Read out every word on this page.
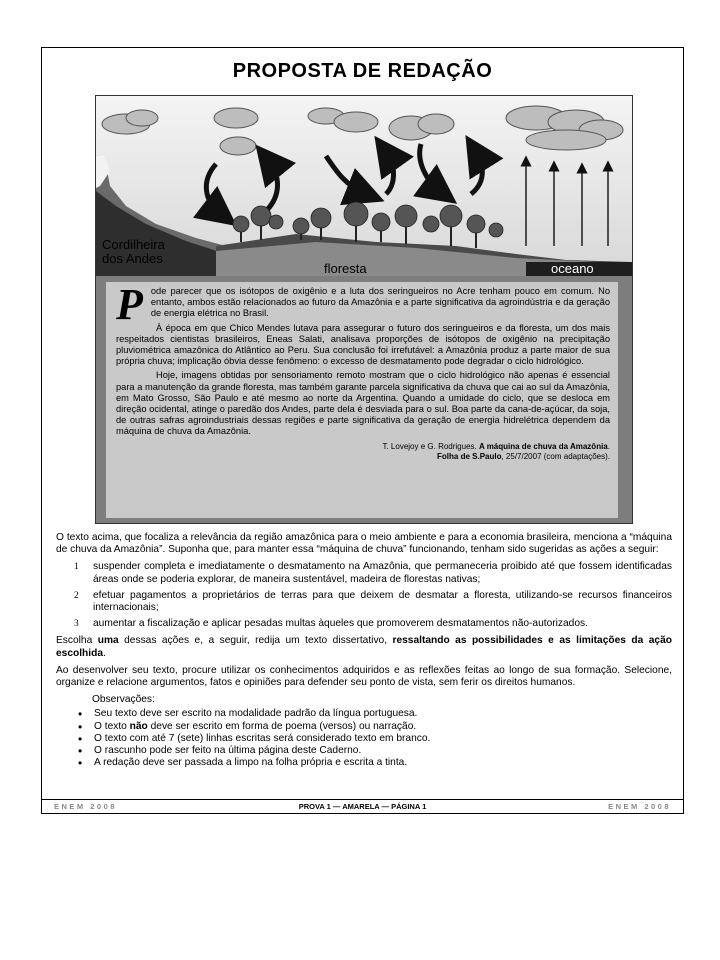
PROPOSTA DE REDAÇÃO
Cordilheira
dos Andes
floresta	oceano

P ode parecer que os isótopos de oxigênio e a luta dos seringueiros no Acre tenham pouco em comum. No entanto, ambos estão relacionados ao futuro da Amazônia e a parte significativa da agroindústria e da geração de energia elétrica no Brasil.

À época em que Chico Mendes lutava para assegurar o futuro dos seringueiros e da floresta, um dos mais respeitados cientistas brasileiros, Eneas Salati, analisava proporções de isótopos de oxigênio na precipitação pluviométrica amazônica do Atlântico ao Peru. Sua conclusão foi irrefutável: a Amazônia produz a parte maior de sua própria chuva; implicação óbvia desse fenômeno: o excesso de desmatamento pode degradar o ciclo hidrológico.

Hoje, imagens obtidas por sensoriamento remoto mostram que o ciclo hidrológico não apenas é essencial para a manutenção da grande floresta, mas também garante parcela significativa da chuva que cai ao sul da Amazônia, em Mato Grosso, São Paulo e até mesmo ao norte da Argentina. Quando a umidade do ciclo, que se desloca em direção ocidental, atinge o paredão dos Andes, parte dela é desviada para o sul. Boa parte da cana-de-açúcar, da soja, de outras safras agroindustriais dessas regiões e parte significativa da geração de energia hidrelétrica dependem da máquina de chuva da Amazônia.

T. Lovejoy e G. Rodrigues. A máquina de chuva da Amazônia.
Folha de S.Paulo, 25/7/2007 (com adaptações).

O texto acima, que focaliza a relevância da região amazônica para o meio ambiente e para a economia brasileira, menciona a “máquina de chuva da Amazônia”. Suponha que, para manter essa “máquina de chuva” funcionando, tenham sido sugeridas as ações a seguir:

1 suspender completa e imediatamente o desmatamento na Amazônia, que permaneceria proibido até que fossem identificadas áreas onde se poderia explorar, de maneira sustentável, madeira de florestas nativas;
2 efetuar pagamentos a proprietários de terras para que deixem de desmatar a floresta, utilizando-se recursos financeiros internacionais;
3 aumentar a fiscalização e aplicar pesadas multas àqueles que promoverem desmatamentos não-autorizados.

Escolha uma dessas ações e, a seguir, redija um texto dissertativo, ressaltando as possibilidades e as limitações da ação escolhida.

Ao desenvolver seu texto, procure utilizar os conhecimentos adquiridos e as reflexões feitas ao longo de sua formação. Selecione, organize e relacione argumentos, fatos e opiniões para defender seu ponto de vista, sem ferir os direitos humanos.

Observações:
• Seu texto deve ser escrito na modalidade padrão da língua portuguesa.
• O texto não deve ser escrito em forma de poema (versos) ou narração.
• O texto com até 7 (sete) linhas escritas será considerado texto em branco.
• O rascunho pode ser feito na última página deste Caderno.
• A redação deve ser passada a limpo na folha própria e escrita a tinta.
ENEM 2008	PROVA 1 — AMARELA — PÁGINA 1	ENEM 2008
